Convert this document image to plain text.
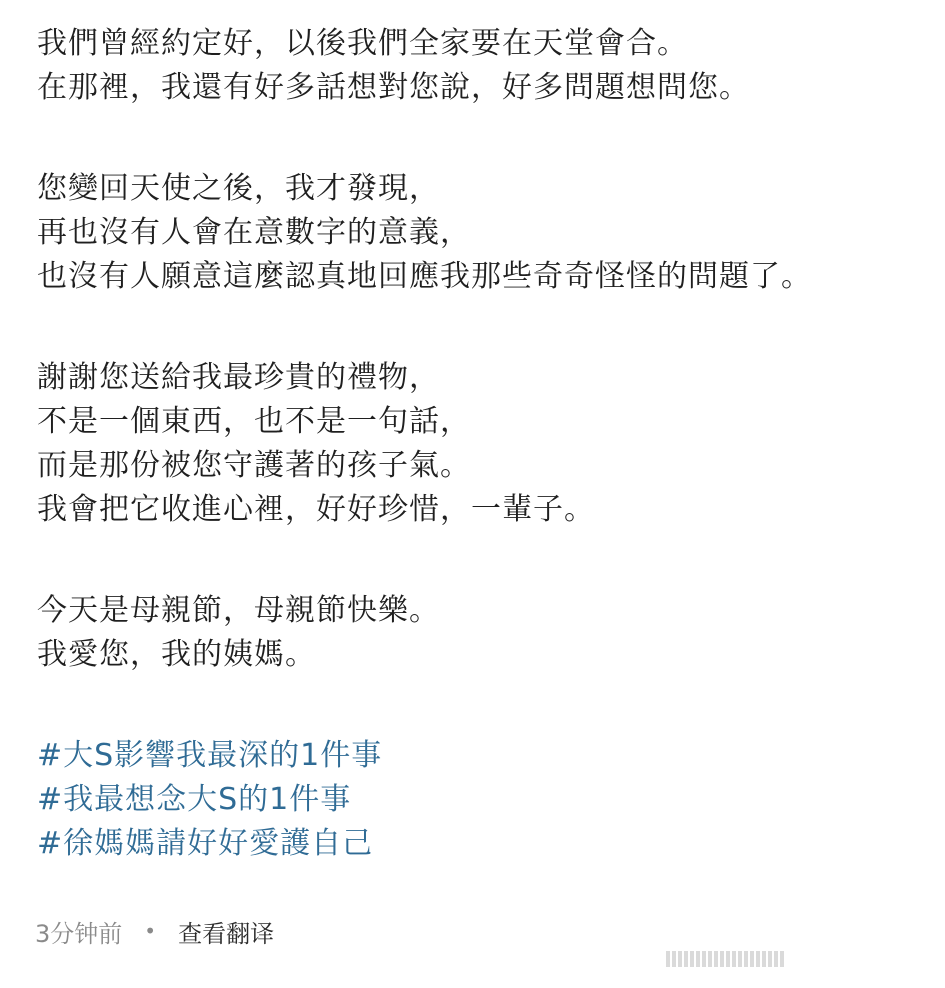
我們曾經約定好，以後我們全家要在天堂會合。

在那裡，我還有好多話想對您說，好多問題想問您。

您變回天使之後，我才發現，

再也沒有人會在意數字的意義，

也沒有人願意這麼認真地回應我那些奇奇怪怪的問題了。

謝謝您送給我最珍貴的禮物，

不是一個東西，也不是一句話，

而是那份被您守護著的孩子氣。

我會把它收進心裡，好好珍惜，一輩子。

今天是母親節，母親節快樂。

我愛您，我的姨媽。

#大S影響我最深的1件事

#我最想念大S的1件事

#徐媽媽請好好愛護自己

3分钟前 • 查看翻译
